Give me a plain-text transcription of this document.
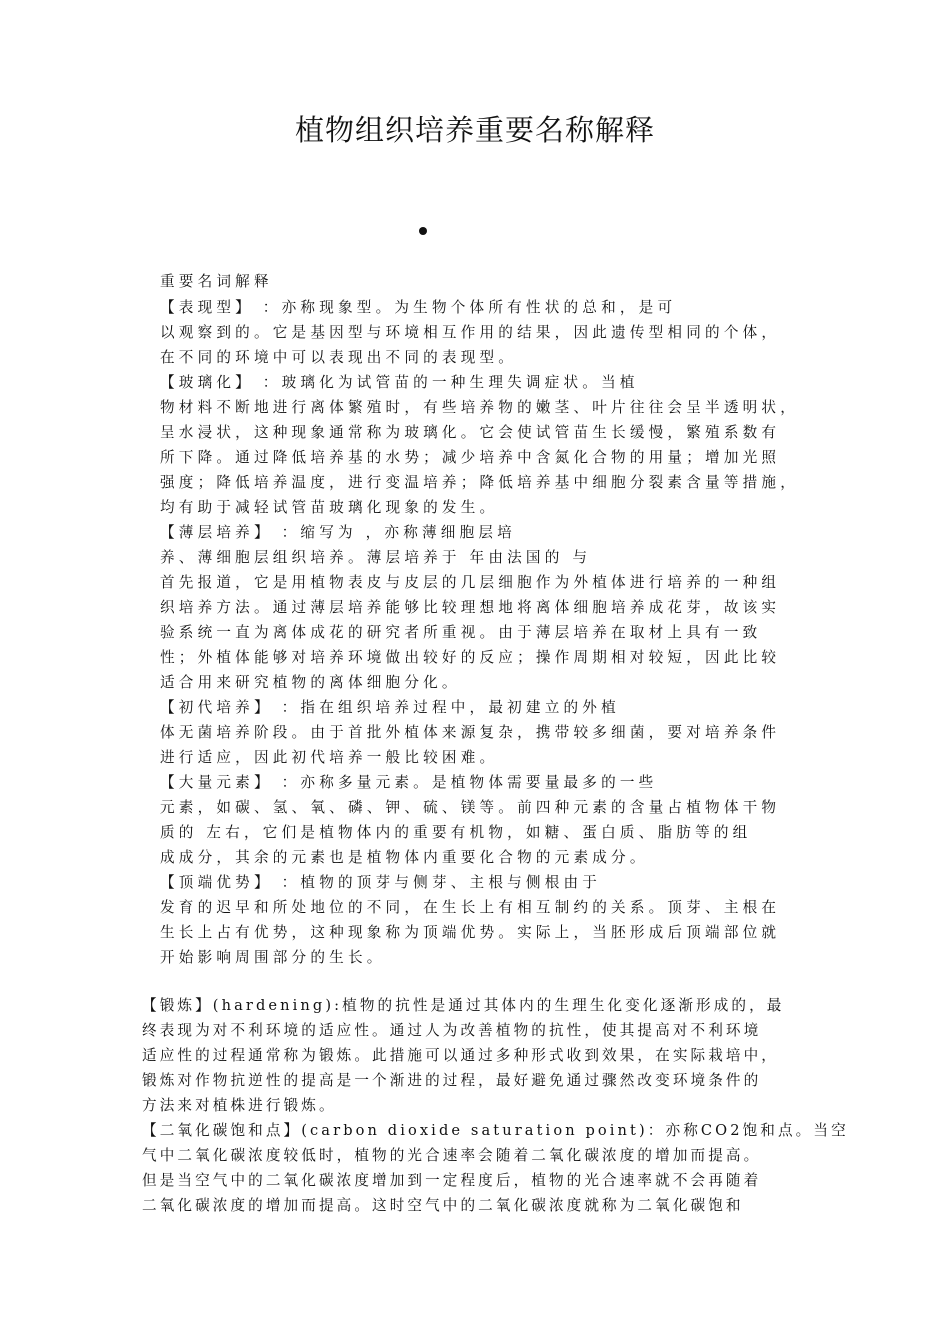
植物组织培养重要名称解释
重要名词解释
【表现型】 ：亦称现象型。为生物个体所有性状的总和，是可
以观察到的。它是基因型与环境相互作用的结果，因此遗传型相同的个体，
在不同的环境中可以表现出不同的表现型。
【玻璃化】 ：玻璃化为试管苗的一种生理失调症状。当植
物材料不断地进行离体繁殖时，有些培养物的嫩茎、叶片往往会呈半透明状，
呈水浸状，这种现象通常称为玻璃化。它会使试管苗生长缓慢，繁殖系数有
所下降。通过降低培养基的水势；减少培养中含氮化合物的用量；增加光照
强度；降低培养温度，进行变温培养；降低培养基中细胞分裂素含量等措施，
均有助于减轻试管苗玻璃化现象的发生。
【薄层培养】 ：缩写为 ，亦称薄细胞层培
养、薄细胞层组织培养。薄层培养于 年由法国的 与
首先报道，它是用植物表皮与皮层的几层细胞作为外植体进行培养的一种组
织培养方法。通过薄层培养能够比较理想地将离体细胞培养成花芽，故该实
验系统一直为离体成花的研究者所重视。由于薄层培养在取材上具有一致
性；外植体能够对培养环境做出较好的反应；操作周期相对较短，因此比较
适合用来研究植物的离体细胞分化。
【初代培养】 ：指在组织培养过程中，最初建立的外植
体无菌培养阶段。由于首批外植体来源复杂，携带较多细菌，要对培养条件
进行适应，因此初代培养一般比较困难。
【大量元素】 ：亦称多量元素。是植物体需要量最多的一些
元素，如碳、氢、氧、磷、钾、硫、镁等。前四种元素的含量占植物体干物
质的 左右，它们是植物体内的重要有机物，如糖、蛋白质、脂肪等的组
成成分，其余的元素也是植物体内重要化合物的元素成分。
【顶端优势】 ：植物的顶芽与侧芽、主根与侧根由于
发育的迟早和所处地位的不同，在生长上有相互制约的关系。顶芽、主根在
生长上占有优势，这种现象称为顶端优势。实际上，当胚形成后顶端部位就
开始影响周围部分的生长。
【锻炼】(hardening):植物的抗性是通过其体内的生理生化变化逐渐形成的，最
终表现为对不利环境的适应性。通过人为改善植物的抗性，使其提高对不利环境
适应性的过程通常称为锻炼。此措施可以通过多种形式收到效果，在实际栽培中，
锻炼对作物抗逆性的提高是一个渐进的过程，最好避免通过骤然改变环境条件的
方法来对植株进行锻炼。
【二氧化碳饱和点】(carbon dioxide saturation point)：亦称CO2饱和点。当空
气中二氧化碳浓度较低时，植物的光合速率会随着二氧化碳浓度的增加而提高。
但是当空气中的二氧化碳浓度增加到一定程度后，植物的光合速率就不会再随着
二氧化碳浓度的增加而提高。这时空气中的二氧化碳浓度就称为二氧化碳饱和
